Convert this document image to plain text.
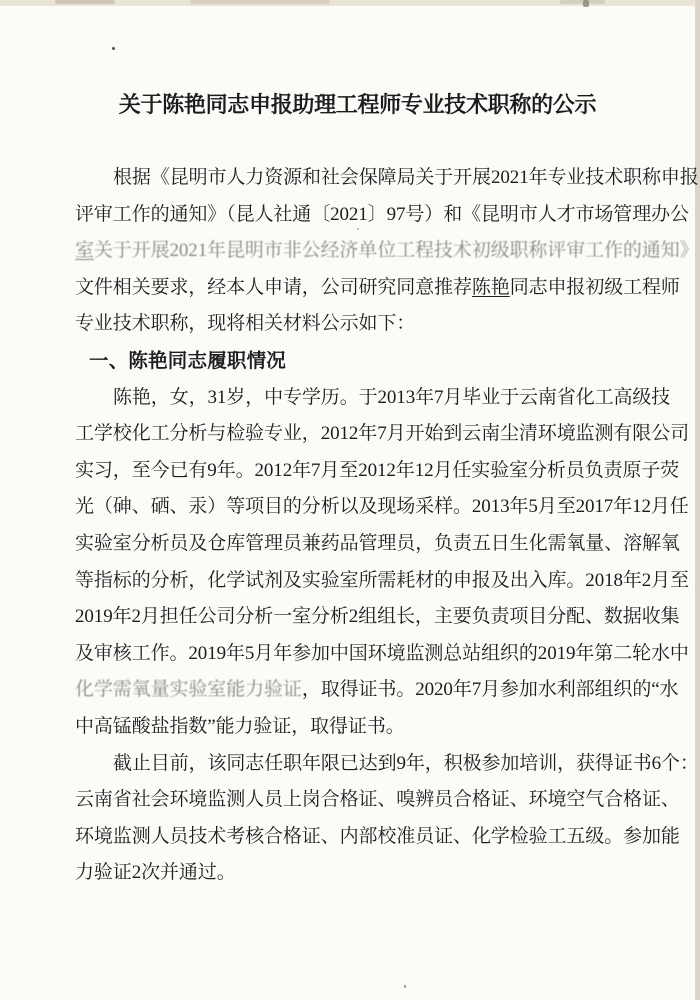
关于陈艳同志申报助理工程师专业技术职称的公示
根据《昆明市人力资源和社会保障局关于开展2021年专业技术职称申报
评审工作的通知》（昆人社通〔2021〕97号）和《昆明市人才市场管理办公
室关于开展2021年昆明市非公经济单位工程技术初级职称评审工作的通知》
文件相关要求，经本人申请，公司研究同意推荐陈艳同志申报初级工程师
专业技术职称，现将相关材料公示如下：
一、陈艳同志履职情况
陈艳，女，31岁，中专学历。于2013年7月毕业于云南省化工高级技
工学校化工分析与检验专业，2012年7月开始到云南尘清环境监测有限公司
实习，至今已有9年。2012年7月至2012年12月任实验室分析员负责原子荧
光（砷、硒、汞）等项目的分析以及现场采样。2013年5月至2017年12月任
实验室分析员及仓库管理员兼药品管理员，负责五日生化需氧量、溶解氧
等指标的分析，化学试剂及实验室所需耗材的申报及出入库。2018年2月至
2019年2月担任公司分析一室分析2组组长，主要负责项目分配、数据收集
及审核工作。2019年5月年参加中国环境监测总站组织的2019年第二轮水中
化学需氧量实验室能力验证，取得证书。2020年7月参加水利部组织的“水
中高锰酸盐指数”能力验证，取得证书。
截止目前，该同志任职年限已达到9年，积极参加培训，获得证书6个：
云南省社会环境监测人员上岗合格证、嗅辨员合格证、环境空气合格证、
环境监测人员技术考核合格证、内部校准员证、化学检验工五级。参加能
力验证2次并通过。
